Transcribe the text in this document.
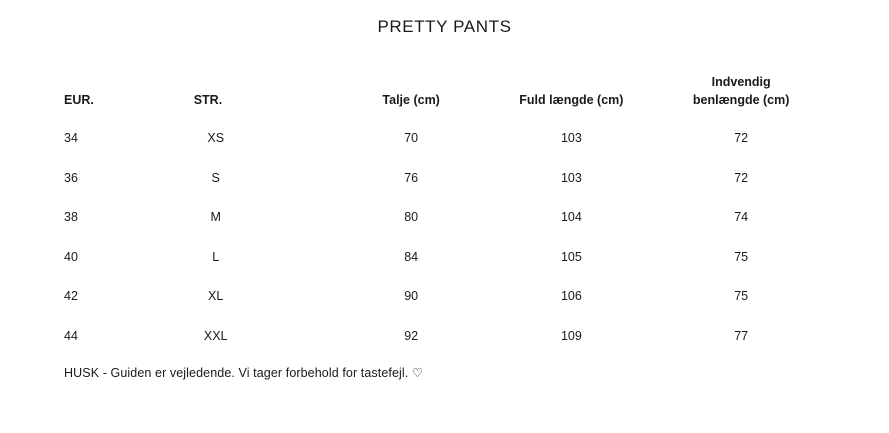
PRETTY PANTS
EUR.	STR.	Talje (cm)	Fuld længde (cm)	Indvendig
benlængde (cm)

34	XS	70	103	72
36	S	76	103	72
38	M	80	104	74
40	L	84	105	75
42	XL	90	106	75
44	XXL	92	109	77
HUSK - Guiden er vejledende. Vi tager forbehold for tastefejl. ♡
